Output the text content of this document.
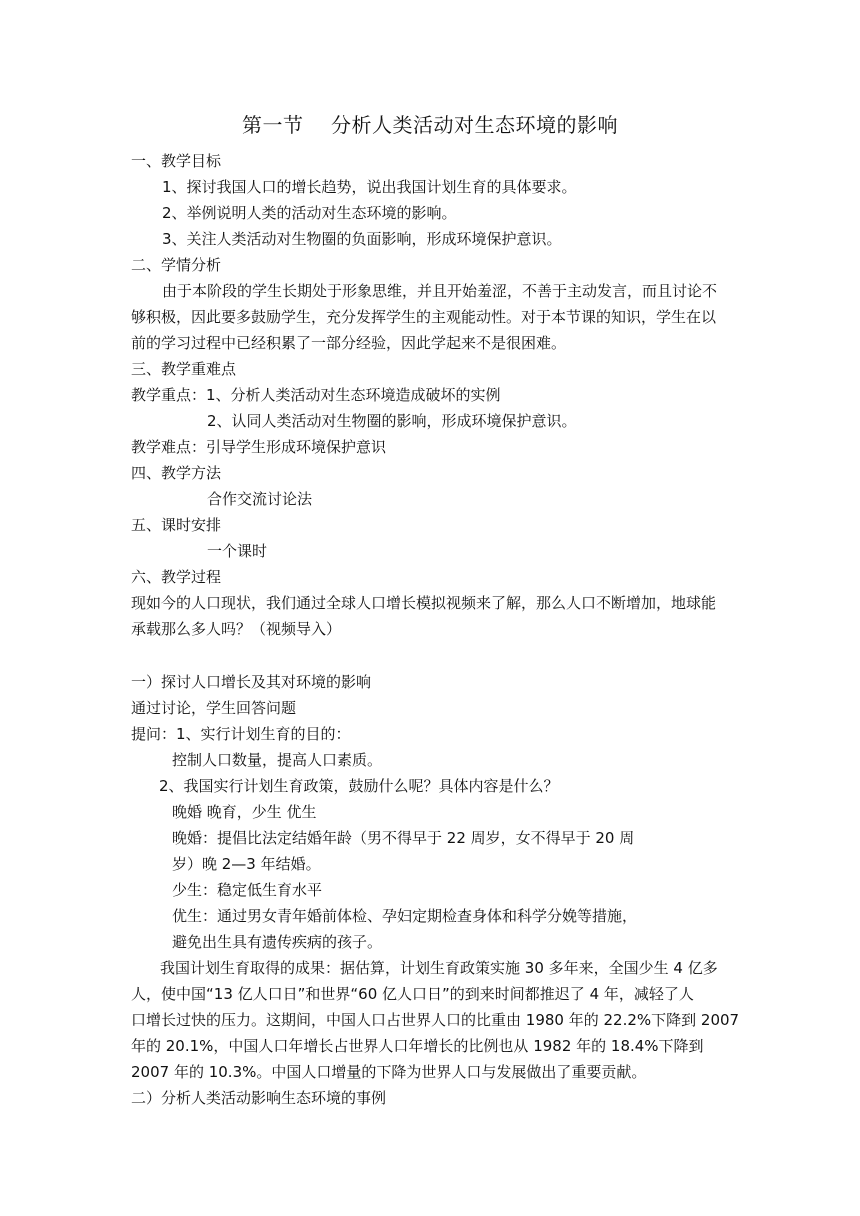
第一节    分析人类活动对生态环境的影响
一、教学目标
1、探讨我国人口的增长趋势，说出我国计划生育的具体要求。
2、举例说明人类的活动对生态环境的影响。
3、关注人类活动对生物圈的负面影响，形成环境保护意识。
二、学情分析
由于本阶段的学生长期处于形象思维，并且开始羞涩，不善于主动发言，而且讨论不
够积极，因此要多鼓励学生，充分发挥学生的主观能动性。对于本节课的知识，学生在以
前的学习过程中已经积累了一部分经验，因此学起来不是很困难。
三、教学重难点
教学重点：1、分析人类活动对生态环境造成破坏的实例
2、认同人类活动对生物圈的影响，形成环境保护意识。
教学难点：引导学生形成环境保护意识
四、教学方法
合作交流讨论法
五、课时安排
一个课时
六、教学过程
现如今的人口现状，我们通过全球人口增长模拟视频来了解，那么人口不断增加，地球能
承载那么多人吗？（视频导入）
一）探讨人口增长及其对环境的影响
通过讨论，学生回答问题
提问：1、实行计划生育的目的：
控制人口数量，提高人口素质。
2、我国实行计划生育政策，鼓励什么呢？具体内容是什么？
晚婚 晚育，少生 优生
晚婚：提倡比法定结婚年龄（男不得早于 22 周岁，女不得早于 20 周
岁）晚 2—3 年结婚。
少生：稳定低生育水平
优生：通过男女青年婚前体检、孕妇定期检查身体和科学分娩等措施，
避免出生具有遗传疾病的孩子。
我国计划生育取得的成果：据估算，计划生育政策实施 30 多年来，全国少生 4 亿多
人，使中国“13 亿人口日”和世界“60 亿人口日”的到来时间都推迟了 4 年，减轻了人
口增长过快的压力。这期间，中国人口占世界人口的比重由 1980 年的 22.2%下降到 2007
年的 20.1%，中国人口年增长占世界人口年增长的比例也从 1982 年的 18.4%下降到
2007 年的 10.3%。中国人口增量的下降为世界人口与发展做出了重要贡献。
二）分析人类活动影响生态环境的事例
